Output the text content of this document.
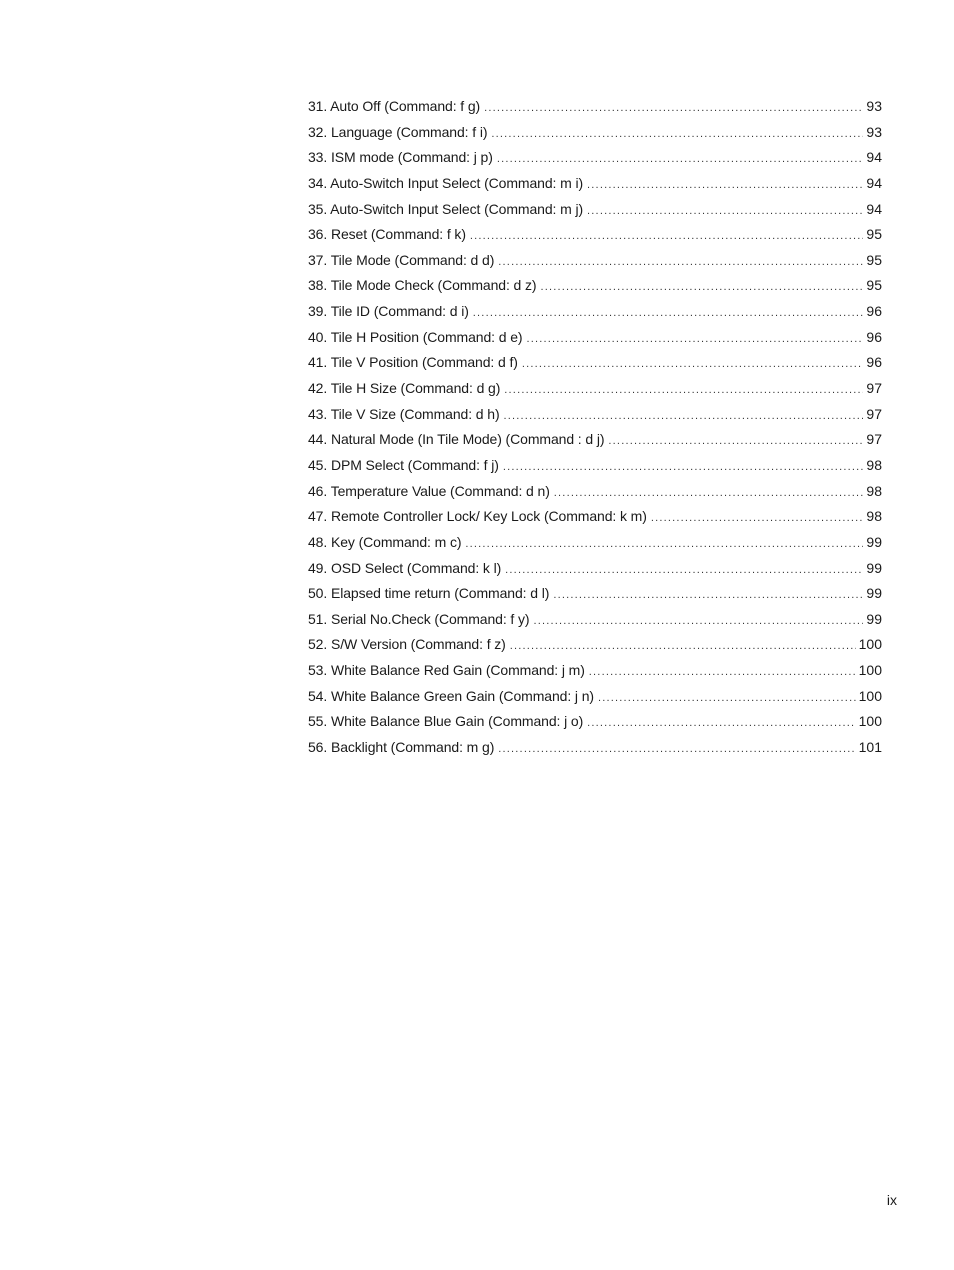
31. Auto Off (Command: f g) .....	93
32. Language (Command: f i) .....	93
33. ISM mode (Command: j p) .....	94
34. Auto-Switch Input Select (Command: m i) .....	94
35. Auto-Switch Input Select (Command: m j) .....	94
36. Reset (Command: f k) .....	95
37. Tile Mode (Command: d d) .....	95
38. Tile Mode Check (Command: d z) .....	95
39. Tile ID (Command: d i) .....	96
40. Tile H Position (Command: d e) .....	96
41. Tile V Position (Command: d f) .....	96
42. Tile H Size (Command: d g) .....	97
43. Tile V Size (Command: d h) .....	97
44. Natural Mode (In Tile Mode) (Command : d j) .....	97
45. DPM Select (Command: f j) .....	98
46. Temperature Value (Command: d n) .....	98
47. Remote Controller Lock/ Key Lock (Command: k m) .....	98
48. Key (Command: m c) .....	99
49. OSD Select (Command: k l) .....	99
50. Elapsed time return (Command: d l) .....	99
51. Serial No.Check (Command: f y) .....	99
52. S/W Version (Command: f z) .....	100
53. White Balance Red Gain (Command: j m) .....	100
54. White Balance Green Gain (Command: j n) .....	100
55. White Balance Blue Gain (Command: j o) .....	100
56. Backlight (Command: m g) .....	101
ix
